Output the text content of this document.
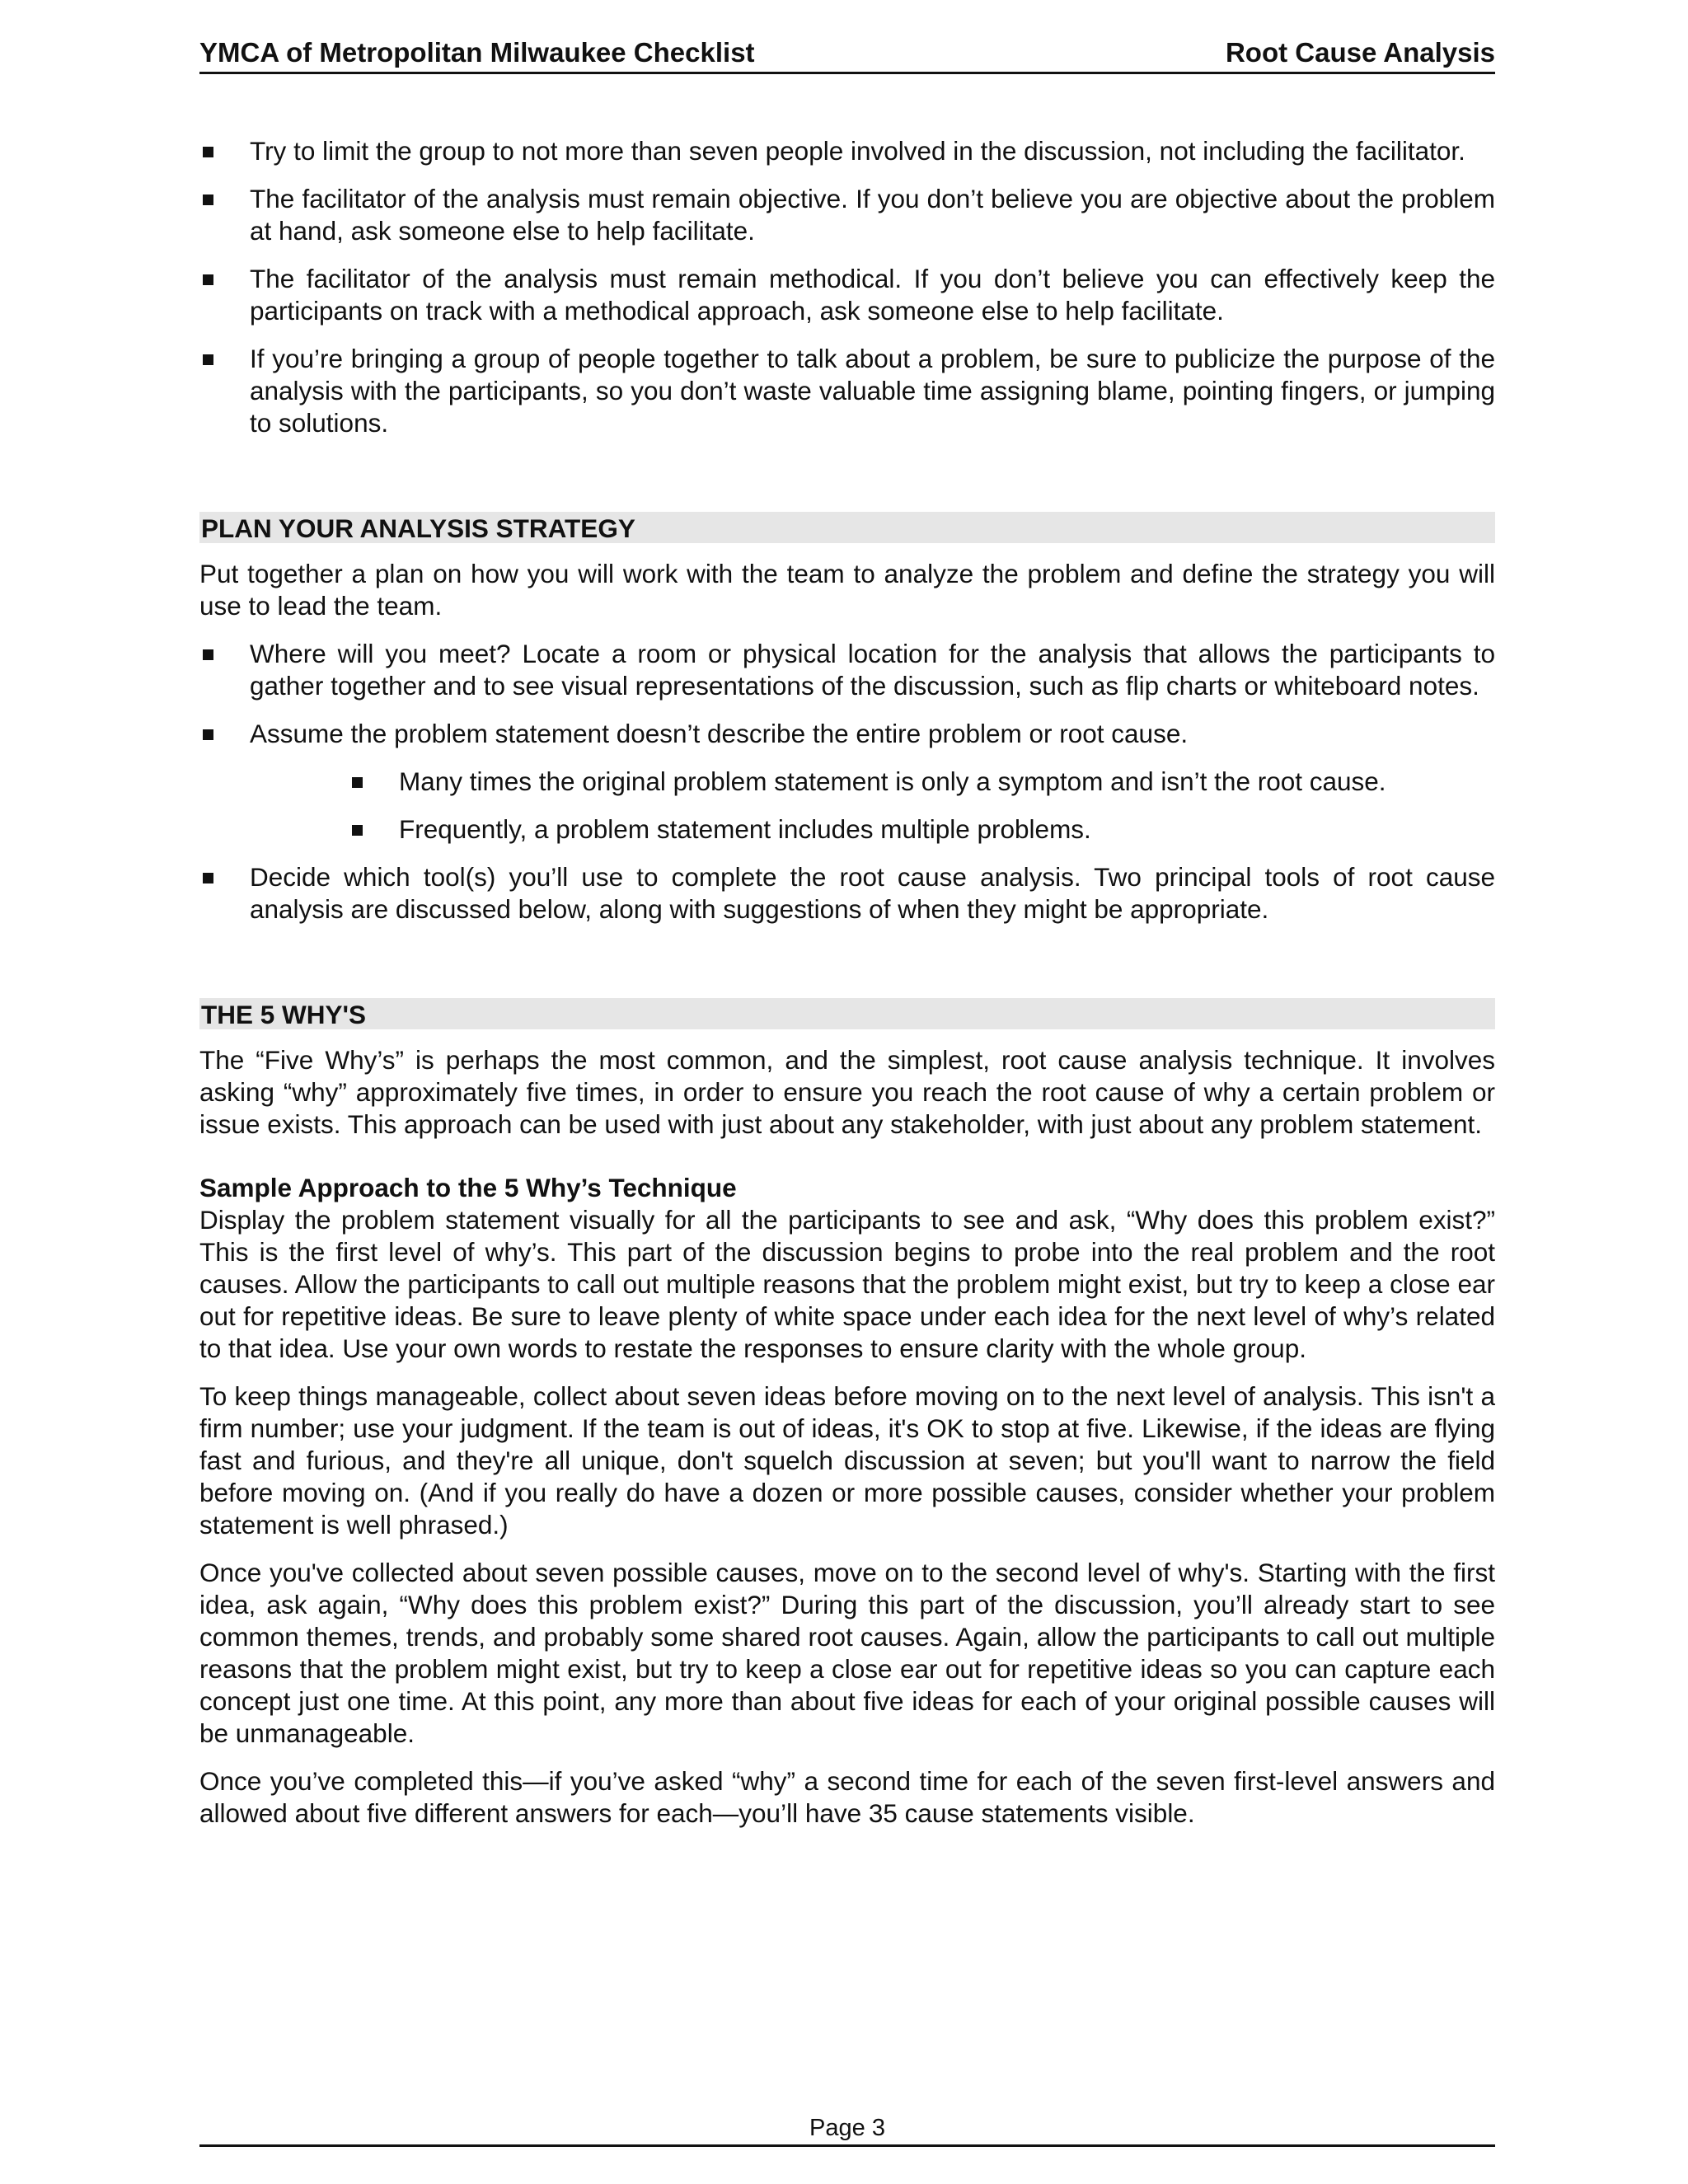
YMCA of Metropolitan Milwaukee Checklist	Root Cause Analysis
Try to limit the group to not more than seven people involved in the discussion, not including the facilitator.
The facilitator of the analysis must remain objective. If you don’t believe you are objective about the problem at hand, ask someone else to help facilitate.
The facilitator of the analysis must remain methodical. If you don’t believe you can effectively keep the participants on track with a methodical approach, ask someone else to help facilitate.
If you’re bringing a group of people together to talk about a problem, be sure to publicize the purpose of the analysis with the participants, so you don’t waste valuable time assigning blame, pointing fingers, or jumping to solutions.
PLAN YOUR ANALYSIS STRATEGY

Put together a plan on how you will work with the team to analyze the problem and define the strategy you will use to lead the team.

Where will you meet? Locate a room or physical location for the analysis that allows the participants to gather together and to see visual representations of the discussion, such as flip charts or whiteboard notes.
Assume the problem statement doesn’t describe the entire problem or root cause.
Many times the original problem statement is only a symptom and isn’t the root cause.
Frequently, a problem statement includes multiple problems.
Decide which tool(s) you’ll use to complete the root cause analysis. Two principal tools of root cause analysis are discussed below, along with suggestions of when they might be appropriate.
THE 5 WHY'S

The “Five Why’s” is perhaps the most common, and the simplest, root cause analysis technique. It involves asking “why” approximately five times, in order to ensure you reach the root cause of why a certain problem or issue exists. This approach can be used with just about any stakeholder, with just about any problem statement.

Sample Approach to the 5 Why’s Technique

Display the problem statement visually for all the participants to see and ask, “Why does this problem exist?” This is the first level of why’s. This part of the discussion begins to probe into the real problem and the root causes. Allow the participants to call out multiple reasons that the problem might exist, but try to keep a close ear out for repetitive ideas. Be sure to leave plenty of white space under each idea for the next level of why’s related to that idea. Use your own words to restate the responses to ensure clarity with the whole group.

To keep things manageable, collect about seven ideas before moving on to the next level of analysis. This isn't a firm number; use your judgment. If the team is out of ideas, it's OK to stop at five. Likewise, if the ideas are flying fast and furious, and they're all unique, don't squelch discussion at seven; but you'll want to narrow the field before moving on. (And if you really do have a dozen or more possible causes, consider whether your problem statement is well phrased.)

Once you've collected about seven possible causes, move on to the second level of why's. Starting with the first idea, ask again, “Why does this problem exist?” During this part of the discussion, you’ll already start to see common themes, trends, and probably some shared root causes. Again, allow the participants to call out multiple reasons that the problem might exist, but try to keep a close ear out for repetitive ideas so you can capture each concept just one time. At this point, any more than about five ideas for each of your original possible causes will be unmanageable.

Once you’ve completed this—if you’ve asked “why” a second time for each of the seven first-level answers and allowed about five different answers for each—you’ll have 35 cause statements visible.

Page 3
